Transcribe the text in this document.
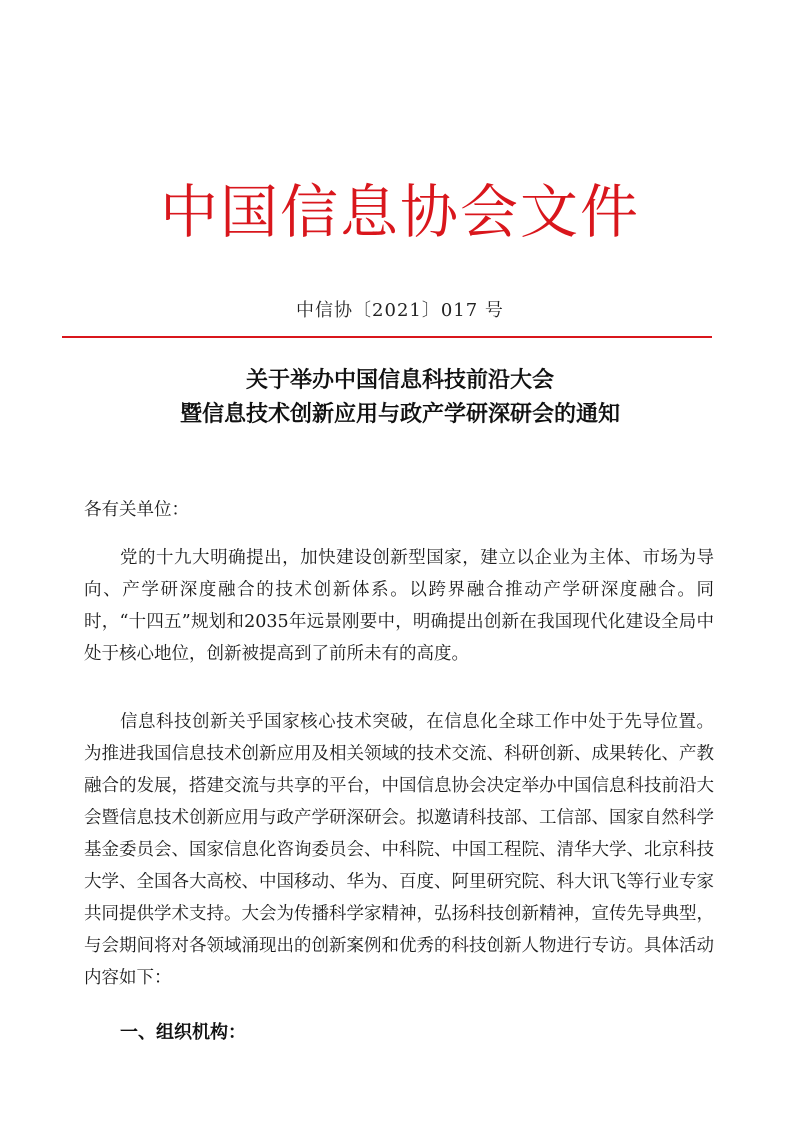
中国信息协会文件
中信协〔2021〕017 号
关于举办中国信息科技前沿大会
暨信息技术创新应用与政产学研深研会的通知
各有关单位：
党的十九大明确提出，加快建设创新型国家，建立以企业为主体、市场为导向、产学研深度融合的技术创新体系。以跨界融合推动产学研深度融合。同时，“十四五”规划和2035年远景刚要中，明确提出创新在我国现代化建设全局中处于核心地位，创新被提高到了前所未有的高度。
信息科技创新关乎国家核心技术突破，在信息化全球工作中处于先导位置。为推进我国信息技术创新应用及相关领域的技术交流、科研创新、成果转化、产教融合的发展，搭建交流与共享的平台，中国信息协会决定举办中国信息科技前沿大会暨信息技术创新应用与政产学研深研会。拟邀请科技部、工信部、国家自然科学基金委员会、国家信息化咨询委员会、中科院、中国工程院、清华大学、北京科技大学、全国各大高校、中国移动、华为、百度、阿里研究院、科大讯飞等行业专家共同提供学术支持。大会为传播科学家精神，弘扬科技创新精神，宣传先导典型，与会期间将对各领域涌现出的创新案例和优秀的科技创新人物进行专访。具体活动内容如下：
一、组织机构：
